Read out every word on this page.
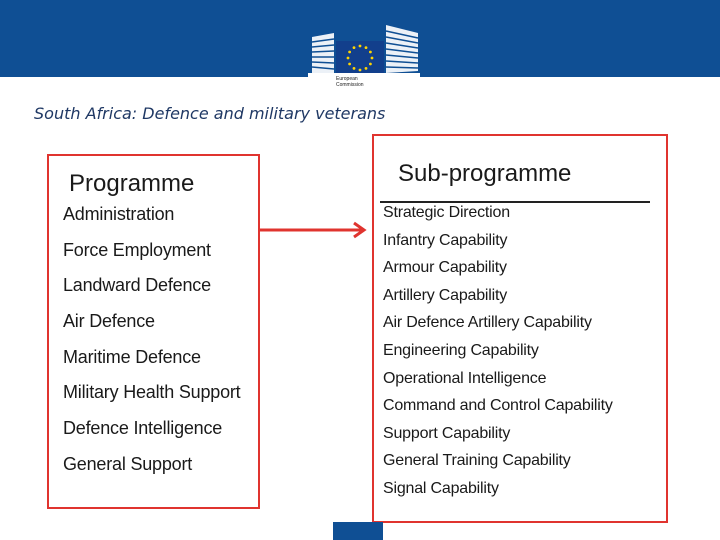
European
Commission
South Africa: Defence and military veterans
Programme
Administration
Force Employment
Landward Defence
Air Defence
Maritime Defence
Military Health Support
Defence Intelligence
General Support
Sub-programme
Strategic Direction
Infantry Capability
Armour Capability
Artillery Capability
Air Defence Artillery Capability
Engineering Capability
Operational Intelligence
Command and Control Capability
Support Capability
General Training Capability
Signal Capability
